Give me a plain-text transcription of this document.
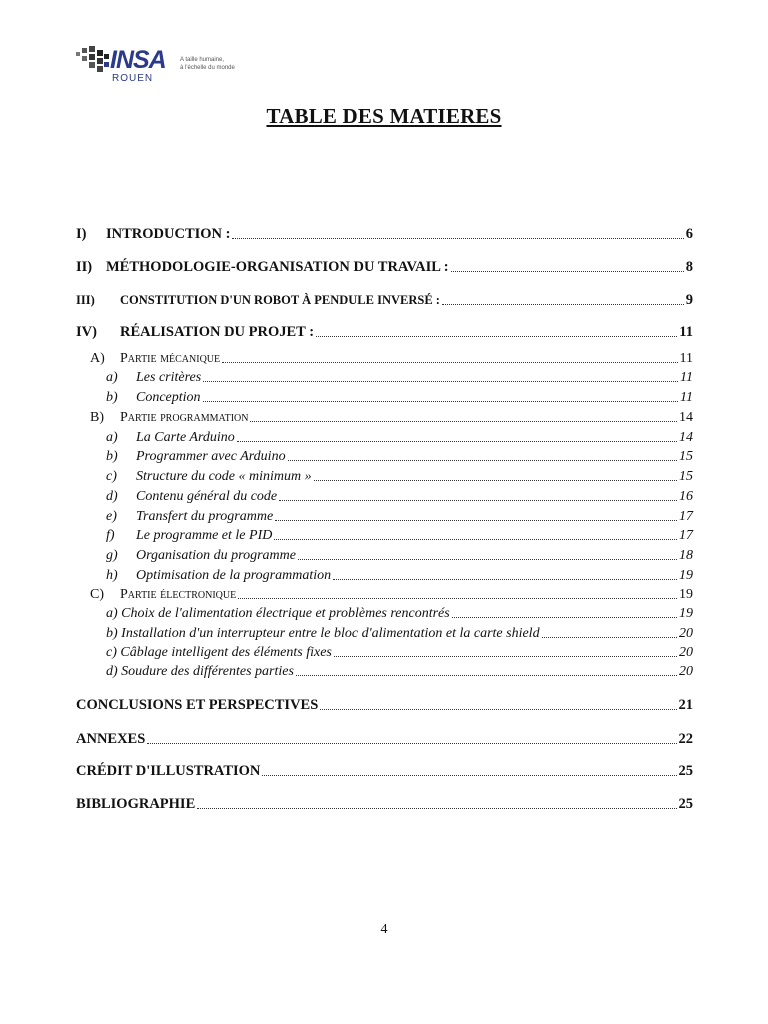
INSA
ROUEN
A taille humaine,
à l'échelle du monde
TABLE DES MATIERES
I)	INTRODUCTION :	6
II) MÉTHODOLOGIE-ORGANISATION DU TRAVAIL :	8
III)	CONSTITUTION D'UN ROBOT À PENDULE INVERSÉ :	9
IV)	RÉALISATION DU PROJET :	11
A)	Partie mécanique	11
a)	Les critères	11
b)	Conception	11
B)	Partie programmation	14
a)	La Carte Arduino	14
b)	Programmer avec Arduino	15
c)	Structure du code « minimum »	15
d)	Contenu général du code	16
e)	Transfert du programme	17
f)	Le programme et le PID	17
g)	Organisation du programme	18
h)	Optimisation de la programmation	19
C)	Partie électronique	19
a) Choix de l'alimentation électrique et problèmes rencontrés	19
b) Installation d'un interrupteur entre le bloc d'alimentation et la carte shield	20
c) Câblage intelligent des éléments fixes	20
d) Soudure des différentes parties	20
CONCLUSIONS ET PERSPECTIVES	21
ANNEXES	22
CRÉDIT D'ILLUSTRATION	25
BIBLIOGRAPHIE	25
4
